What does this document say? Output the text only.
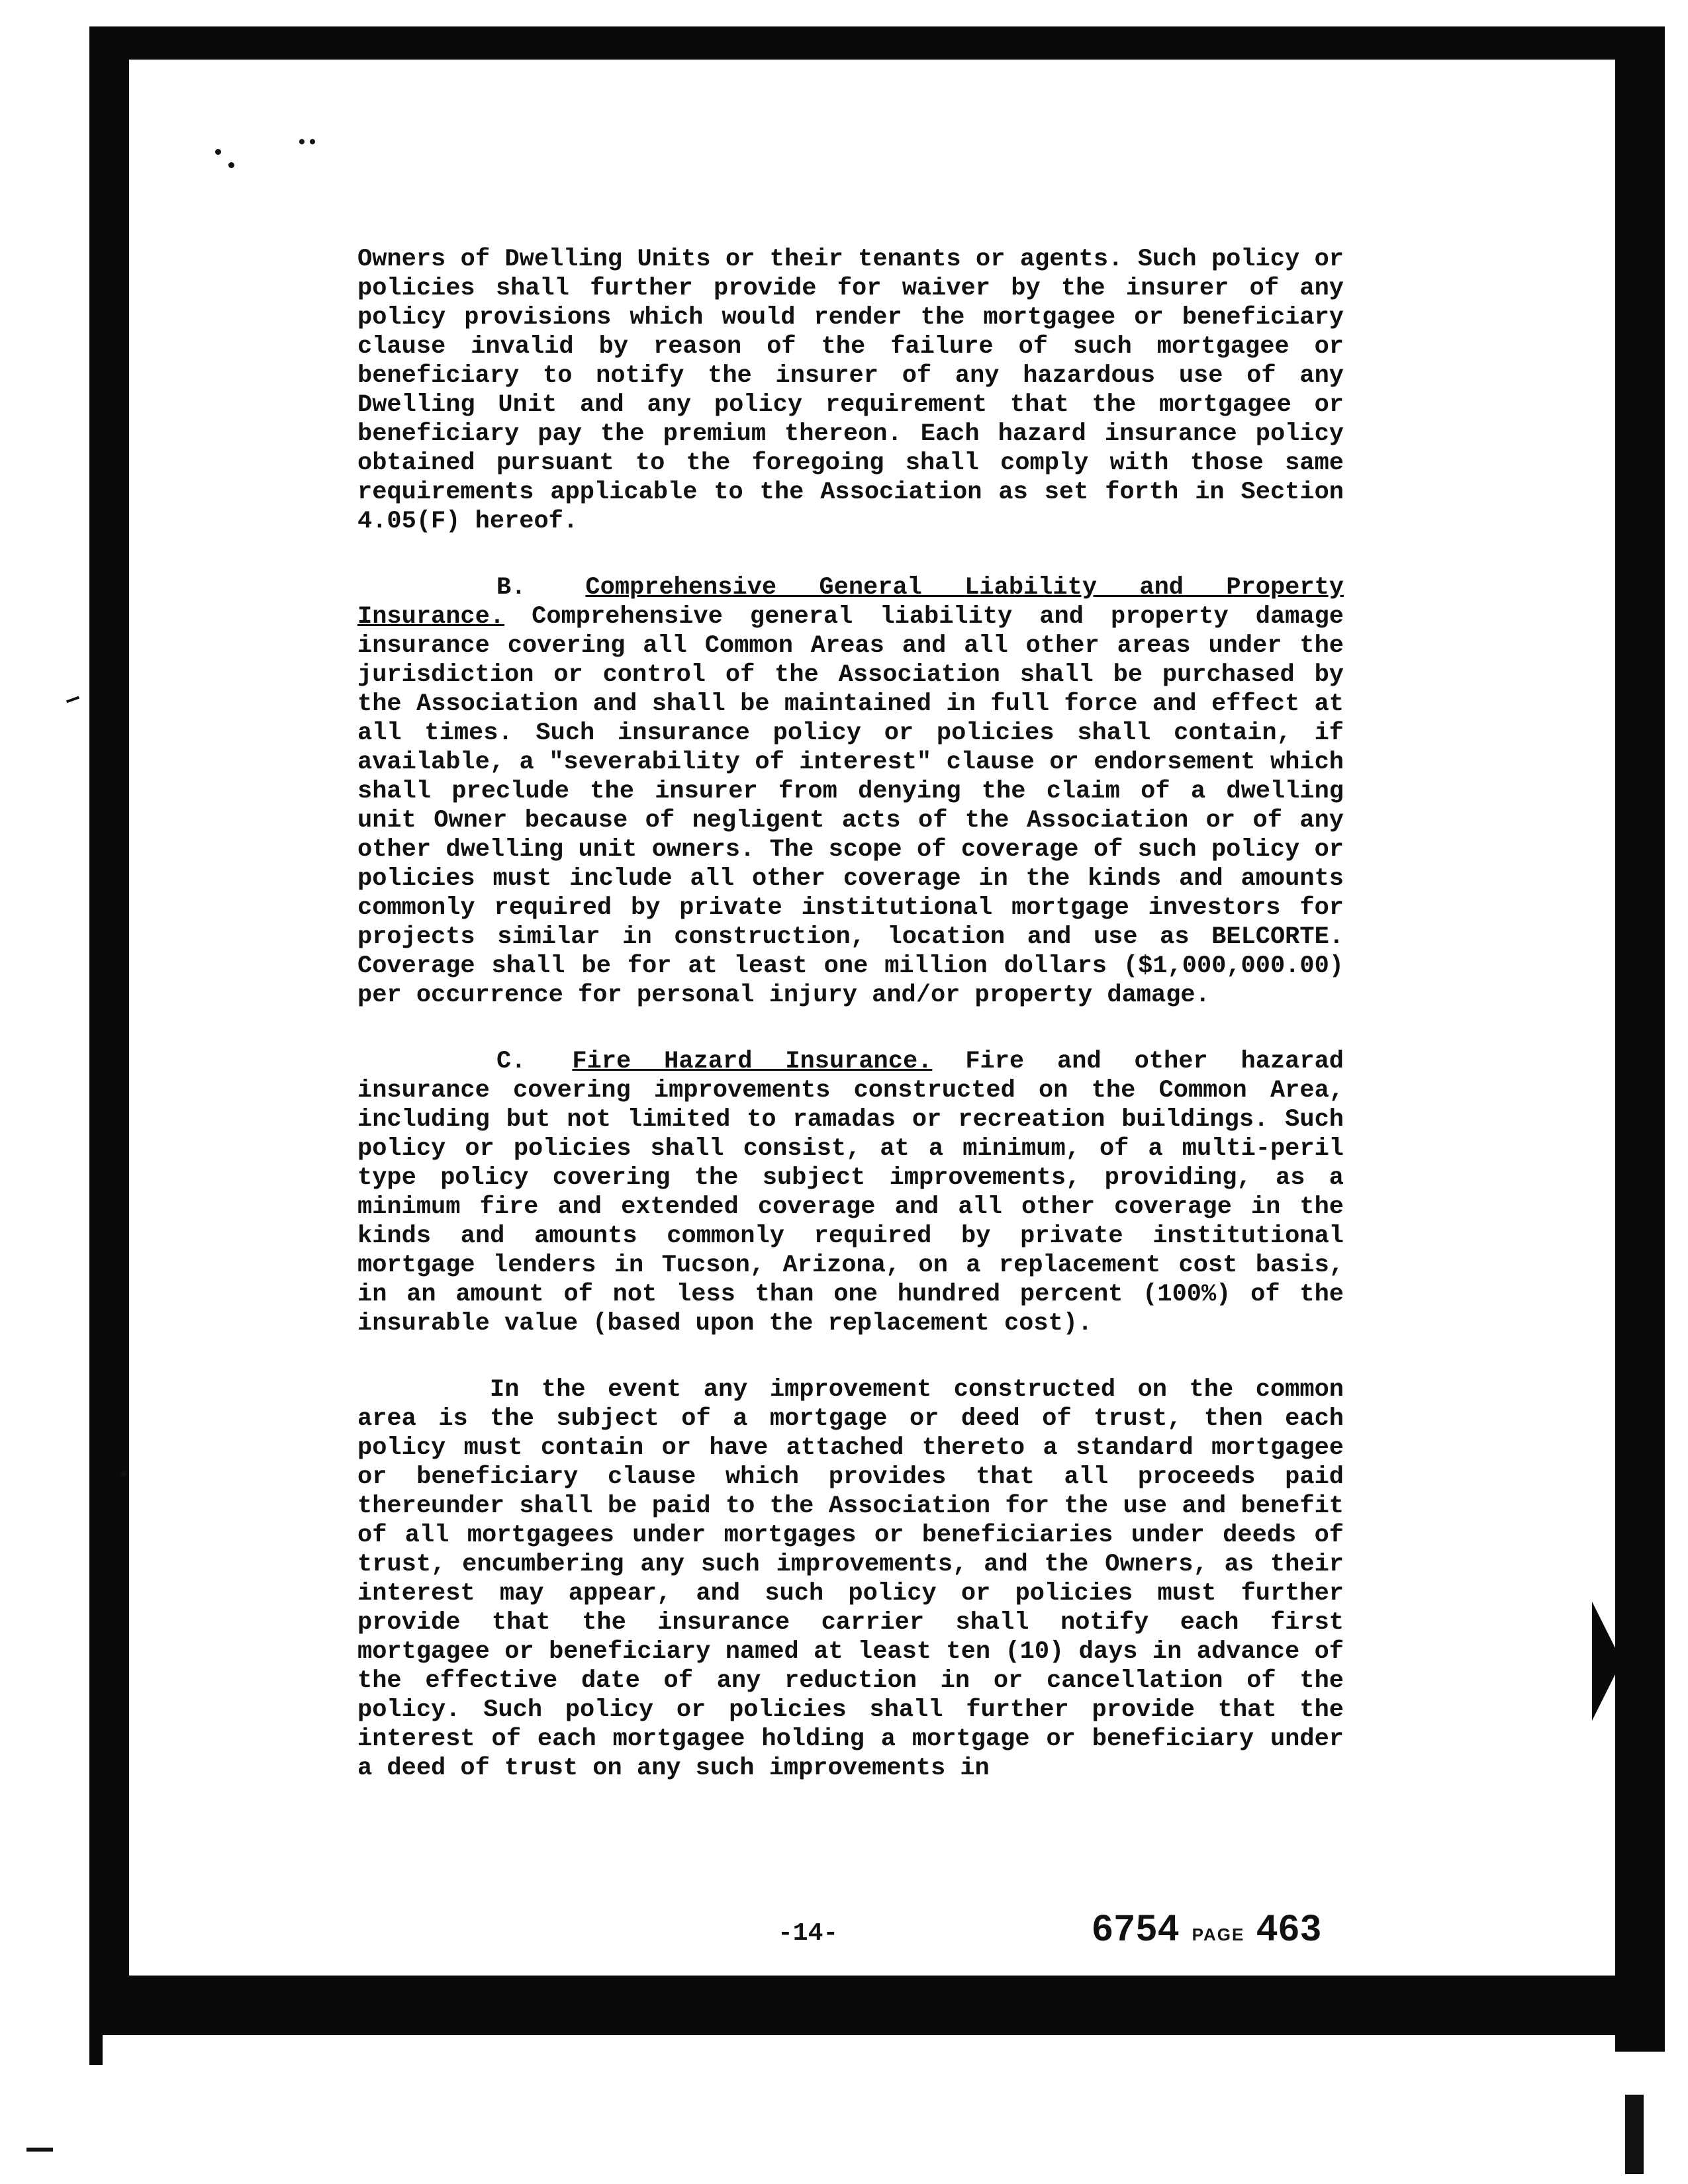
Owners of Dwelling Units or their tenants or agents. Such policy or policies shall further provide for waiver by the insurer of any policy provisions which would render the mortgagee or beneficiary clause invalid by reason of the failure of such mortgagee or beneficiary to notify the insurer of any hazardous use of any Dwelling Unit and any policy requirement that the mortgagee or beneficiary pay the premium thereon. Each hazard insurance policy obtained pursuant to the foregoing shall comply with those same requirements applicable to the Association as set forth in Section 4.05(F) hereof.

B. Comprehensive General Liability and Property Insurance. Comprehensive general liability and property damage insurance covering all Common Areas and all other areas under the jurisdiction or control of the Association shall be purchased by the Association and shall be maintained in full force and effect at all times. Such insurance policy or policies shall contain, if available, a "severability of interest" clause or endorsement which shall preclude the insurer from denying the claim of a dwelling unit Owner because of negligent acts of the Association or of any other dwelling unit owners. The scope of coverage of such policy or policies must include all other coverage in the kinds and amounts commonly required by private institutional mortgage investors for projects similar in construction, location and use as BELCORTE. Coverage shall be for at least one million dollars ($1,000,000.00) per occurrence for personal injury and/or property damage.

C. Fire Hazard Insurance. Fire and other hazarad insurance covering improvements constructed on the Common Area, including but not limited to ramadas or recreation buildings. Such policy or policies shall consist, at a minimum, of a multi-peril type policy covering the subject improvements, providing, as a minimum fire and extended coverage and all other coverage in the kinds and amounts commonly required by private institutional mortgage lenders in Tucson, Arizona, on a replacement cost basis, in an amount of not less than one hundred percent (100%) of the insurable value (based upon the replacement cost).

In the event any improvement constructed on the common area is the subject of a mortgage or deed of trust, then each policy must contain or have attached thereto a standard mortgagee or beneficiary clause which provides that all proceeds paid thereunder shall be paid to the Association for the use and benefit of all mortgagees under mortgages or beneficiaries under deeds of trust, encumbering any such improvements, and the Owners, as their interest may appear, and such policy or policies must further provide that the insurance carrier shall notify each first mortgagee or beneficiary named at least ten (10) days in advance of the effective date of any reduction in or cancellation of the policy. Such policy or policies shall further provide that the interest of each mortgagee holding a mortgage or beneficiary under a deed of trust on any such improvements in

-14-	6754 PAGE 463
